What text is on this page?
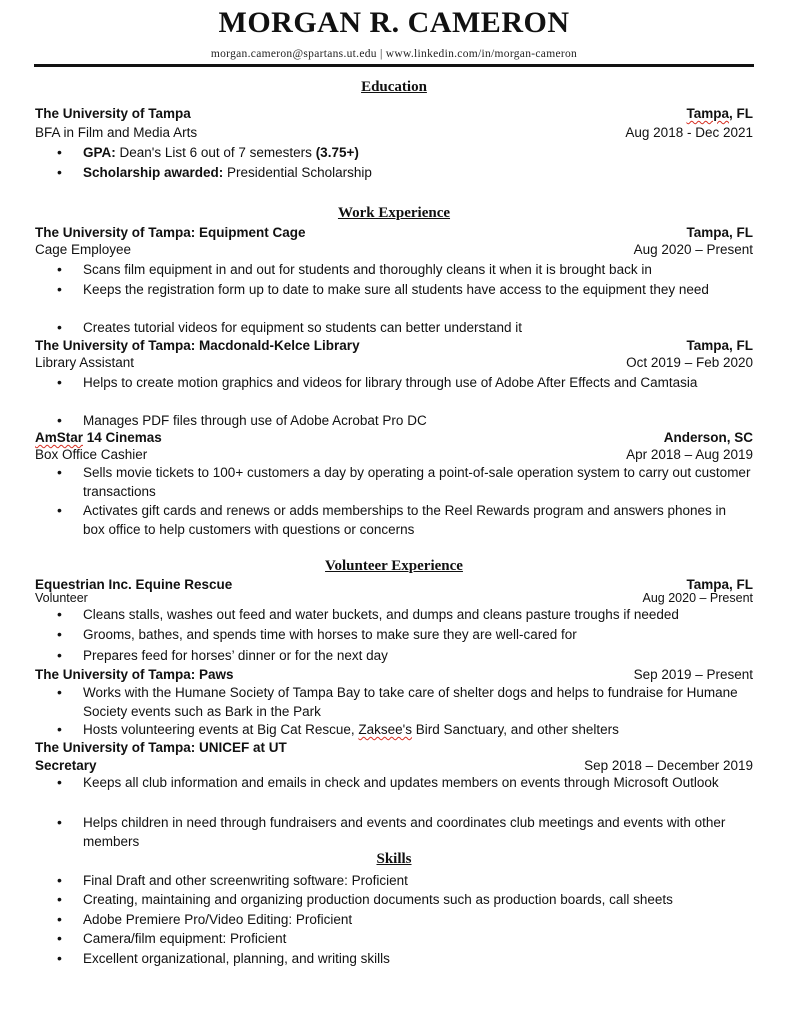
MORGAN R. CAMERON
morgan.cameron@spartans.ut.edu | www.linkedin.com/in/morgan-cameron
Education
The University of Tampa	Tampa, FL
BFA in Film and Media Arts	Aug 2018 - Dec 2021
• GPA: Dean's List 6 out of 7 semesters (3.75+)
• Scholarship awarded: Presidential Scholarship
Work Experience
The University of Tampa: Equipment Cage	Tampa, FL
Cage Employee	Aug 2020 – Present
• Scans film equipment in and out for students and thoroughly cleans it when it is brought back in
• Keeps the registration form up to date to make sure all students have access to the equipment they need
• Creates tutorial videos for equipment so students can better understand it
The University of Tampa: Macdonald-Kelce Library	Tampa, FL
Library Assistant	Oct 2019 – Feb 2020
• Helps to create motion graphics and videos for library through use of Adobe After Effects and Camtasia
• Manages PDF files through use of Adobe Acrobat Pro DC
AmStar 14 Cinemas	Anderson, SC
Box Office Cashier	Apr 2018 – Aug 2019
• Sells movie tickets to 100+ customers a day by operating a point-of-sale operation system to carry out customer transactions
• Activates gift cards and renews or adds memberships to the Reel Rewards program and answers phones in box office to help customers with questions or concerns
Volunteer Experience
Equestrian Inc. Equine Rescue	Tampa, FL
Volunteer	Aug 2020 – Present
• Cleans stalls, washes out feed and water buckets, and dumps and cleans pasture troughs if needed
• Grooms, bathes, and spends time with horses to make sure they are well-cared for
• Prepares feed for horses’ dinner or for the next day
The University of Tampa: Paws	Sep 2019 – Present
• Works with the Humane Society of Tampa Bay to take care of shelter dogs and helps to fundraise for Humane Society events such as Bark in the Park
• Hosts volunteering events at Big Cat Rescue, Zaksee's Bird Sanctuary, and other shelters
The University of Tampa: UNICEF at UT
Secretary	Sep 2018 – December 2019
• Keeps all club information and emails in check and updates members on events through Microsoft Outlook
• Helps children in need through fundraisers and events and coordinates club meetings and events with other members
Skills
• Final Draft and other screenwriting software: Proficient
• Creating, maintaining and organizing production documents such as production boards, call sheets
• Adobe Premiere Pro/Video Editing: Proficient
• Camera/film equipment: Proficient
• Excellent organizational, planning, and writing skills
